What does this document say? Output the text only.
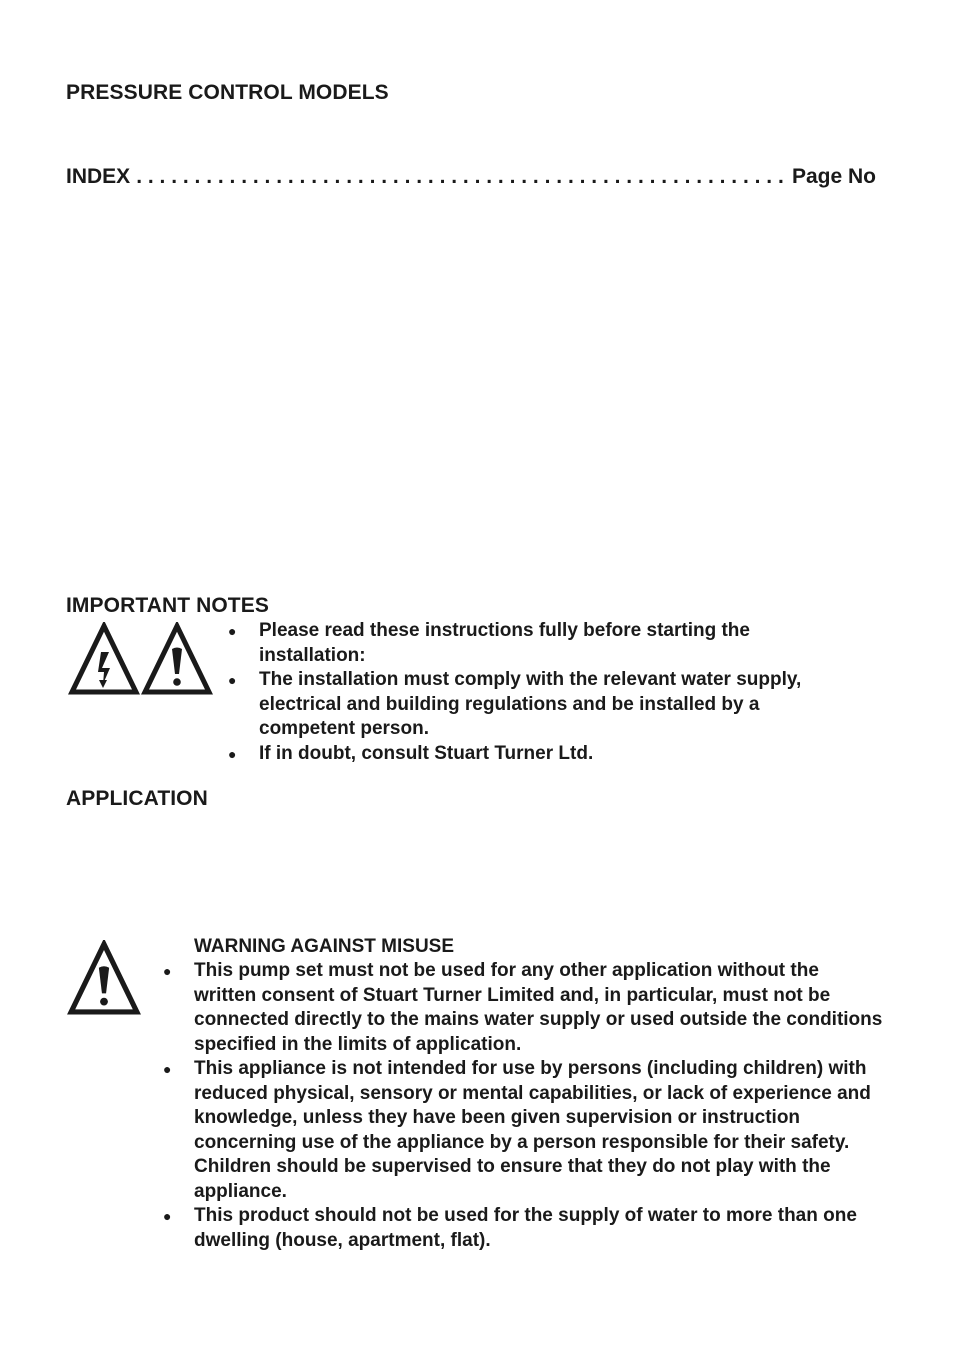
PRESSURE CONTROL MODELS
INDEX
. . .	Page No
IMPORTANT NOTES
● Please read these instructions fully before starting the installation:
● The installation must comply with the relevant water supply, electrical and building regulations and be installed by a competent person.
● If in doubt, consult Stuart Turner Ltd.
APPLICATION
WARNING AGAINST MISUSE
● This pump set must not be used for any other application without the written consent of Stuart Turner Limited and, in particular, must not be connected directly to the mains water supply or used outside the conditions specified in the limits of application.
● This appliance is not intended for use by persons (including children) with reduced physical, sensory or mental capabilities, or lack of experience and knowledge, unless they have been given supervision or instruction concerning use of the appliance by a person responsible for their safety.
Children should be supervised to ensure that they do not play with the appliance.
● This product should not be used for the supply of water to more than one dwelling (house, apartment, flat).
